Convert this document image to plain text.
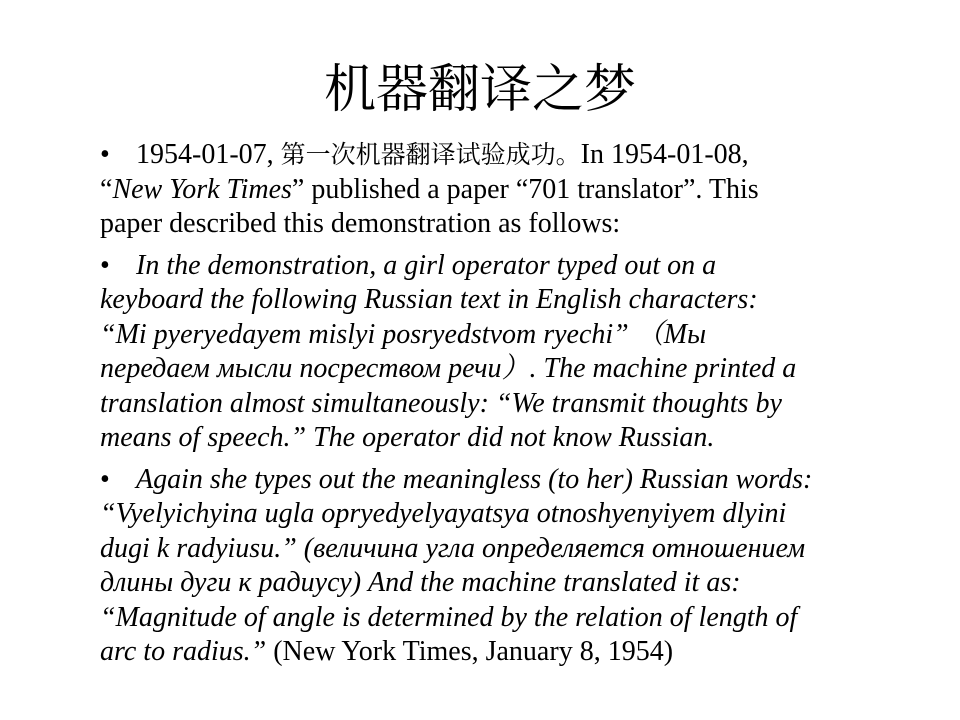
机器翻译之梦
• 1954-01-07, 第一次机器翻译试验成功。In 1954-01-08,
“New York Times” published a paper “701 translator”. This
paper described this demonstration as follows:
• In the demonstration, a girl operator typed out on a
keyboard the following Russian text in English characters:
“Mi pyeryedayem mislyi posryedstvom ryechi” （Мы
передаем мысли посреством речи）. The machine printed a
translation almost simultaneously: “We transmit thoughts by
means of speech.” The operator did not know Russian.
• Again she types out the meaningless (to her) Russian words:
“Vyelyichyina ugla opryedyelyayatsya otnoshyenyiyem dlyini
dugi k radyiusu.” (величина угла определяется отношением
длины дуги к радиусу) And the machine translated it as:
“Magnitude of angle is determined by the relation of length of
arc to radius.” (New York Times, January 8, 1954)
